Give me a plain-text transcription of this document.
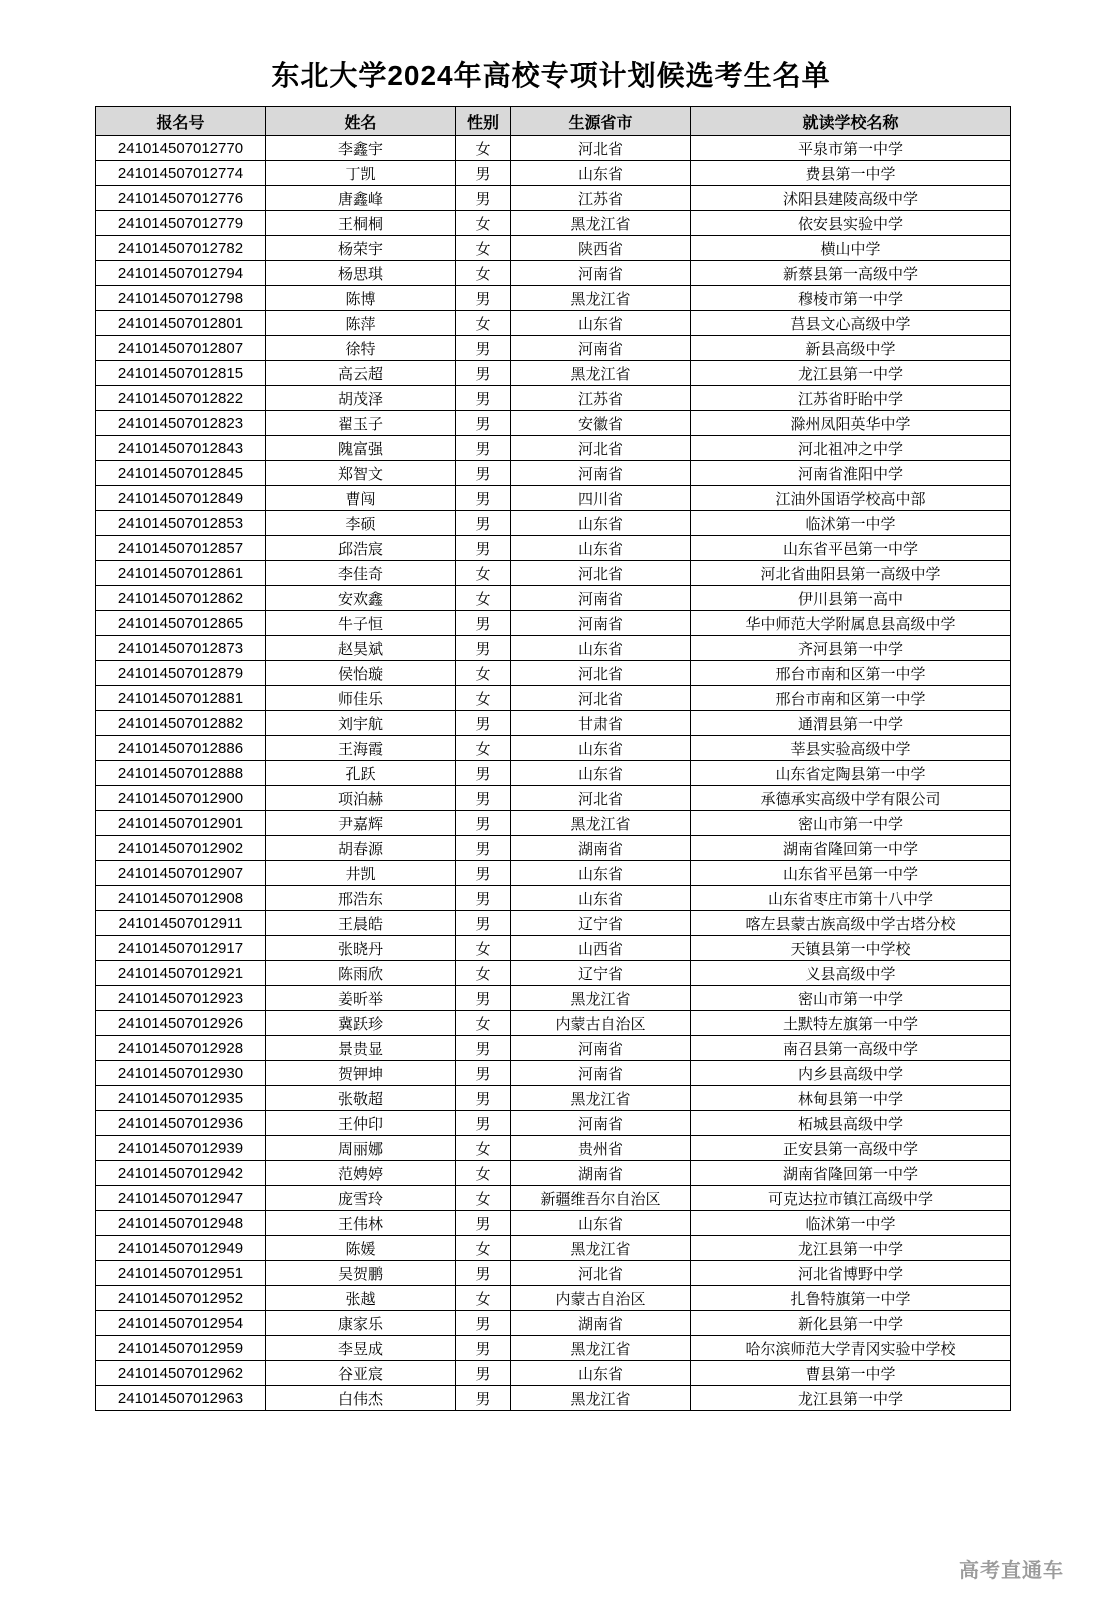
东北大学2024年高校专项计划候选考生名单
报名号	姓名	性别	生源省市	就读学校名称
241014507012770	李鑫宇	女	河北省	平泉市第一中学
241014507012774	丁凯	男	山东省	费县第一中学
241014507012776	唐鑫峰	男	江苏省	沭阳县建陵高级中学
241014507012779	王桐桐	女	黑龙江省	依安县实验中学
241014507012782	杨荣宇	女	陕西省	横山中学
241014507012794	杨思琪	女	河南省	新蔡县第一高级中学
241014507012798	陈博	男	黑龙江省	穆棱市第一中学
241014507012801	陈萍	女	山东省	莒县文心高级中学
241014507012807	徐特	男	河南省	新县高级中学
241014507012815	高云超	男	黑龙江省	龙江县第一中学
241014507012822	胡茂泽	男	江苏省	江苏省盱眙中学
241014507012823	翟玉子	男	安徽省	滁州凤阳英华中学
241014507012843	隗富强	男	河北省	河北祖冲之中学
241014507012845	郑智文	男	河南省	河南省淮阳中学
241014507012849	曹闯	男	四川省	江油外国语学校高中部
241014507012853	李硕	男	山东省	临沭第一中学
241014507012857	邱浩宸	男	山东省	山东省平邑第一中学
241014507012861	李佳奇	女	河北省	河北省曲阳县第一高级中学
241014507012862	安欢鑫	女	河南省	伊川县第一高中
241014507012865	牛子恒	男	河南省	华中师范大学附属息县高级中学
241014507012873	赵昊斌	男	山东省	齐河县第一中学
241014507012879	侯怡璇	女	河北省	邢台市南和区第一中学
241014507012881	师佳乐	女	河北省	邢台市南和区第一中学
241014507012882	刘宇航	男	甘肃省	通渭县第一中学
241014507012886	王海霞	女	山东省	莘县实验高级中学
241014507012888	孔跃	男	山东省	山东省定陶县第一中学
241014507012900	项泊赫	男	河北省	承德承实高级中学有限公司
241014507012901	尹嘉辉	男	黑龙江省	密山市第一中学
241014507012902	胡春源	男	湖南省	湖南省隆回第一中学
241014507012907	井凯	男	山东省	山东省平邑第一中学
241014507012908	邢浩东	男	山东省	山东省枣庄市第十八中学
241014507012911	王晨皓	男	辽宁省	喀左县蒙古族高级中学古塔分校
241014507012917	张晓丹	女	山西省	天镇县第一中学校
241014507012921	陈雨欣	女	辽宁省	义县高级中学
241014507012923	姜昕举	男	黑龙江省	密山市第一中学
241014507012926	冀跃珍	女	内蒙古自治区	土默特左旗第一中学
241014507012928	景贵显	男	河南省	南召县第一高级中学
241014507012930	贺钾坤	男	河南省	内乡县高级中学
241014507012935	张敬超	男	黑龙江省	林甸县第一中学
241014507012936	王仲印	男	河南省	柘城县高级中学
241014507012939	周丽娜	女	贵州省	正安县第一高级中学
241014507012942	范娉婷	女	湖南省	湖南省隆回第一中学
241014507012947	庞雪玲	女	新疆维吾尔自治区	可克达拉市镇江高级中学
241014507012948	王伟林	男	山东省	临沭第一中学
241014507012949	陈媛	女	黑龙江省	龙江县第一中学
241014507012951	吴贺鹏	男	河北省	河北省博野中学
241014507012952	张越	女	内蒙古自治区	扎鲁特旗第一中学
241014507012954	康家乐	男	湖南省	新化县第一中学
241014507012959	李昱成	男	黑龙江省	哈尔滨师范大学青冈实验中学校
241014507012962	谷亚宸	男	山东省	曹县第一中学
241014507012963	白伟杰	男	黑龙江省	龙江县第一中学
高考直通车
